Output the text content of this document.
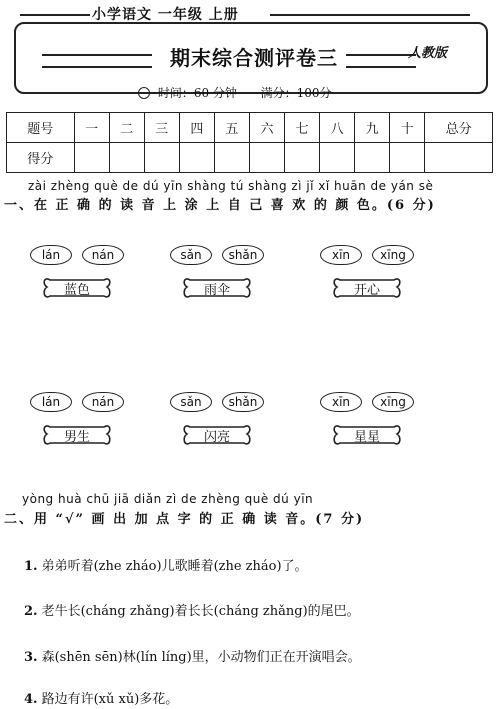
小学语文 一年级 上册
期末综合测评卷三	人教版
时间：60 分钟 满分：100分
题号	一	二	三	四	五	六	七	八	九	十	总分
得分											
zài zhèng què de dú yīn shàng tú shàng zì jǐ xǐ huān de yán sè
一、在 正 确 的 读 音 上 涂 上 自 己 喜 欢 的 颜 色。(6 分)
lán	nán
蓝色
sǎn	shǎn
雨伞
xīn	xīng
开心
lán	nán
男生
sǎn	shǎn
闪亮
xīn	xīng
星星
yòng huà chū jiā diǎn zì de zhèng què dú yīn
二、用 “√” 画 出 加 点 字 的 正 确 读 音。(7 分)
1. 弟弟听着(zhe zháo)儿歌睡着(zhe zháo)了。
2. 老牛长(cháng zhǎng)着长长(cháng zhǎng)的尾巴。
3. 森(shēn sēn)林(lín líng)里，小动物们正在开演唱会。
4. 路边有许(xǔ xǔ)多花。
